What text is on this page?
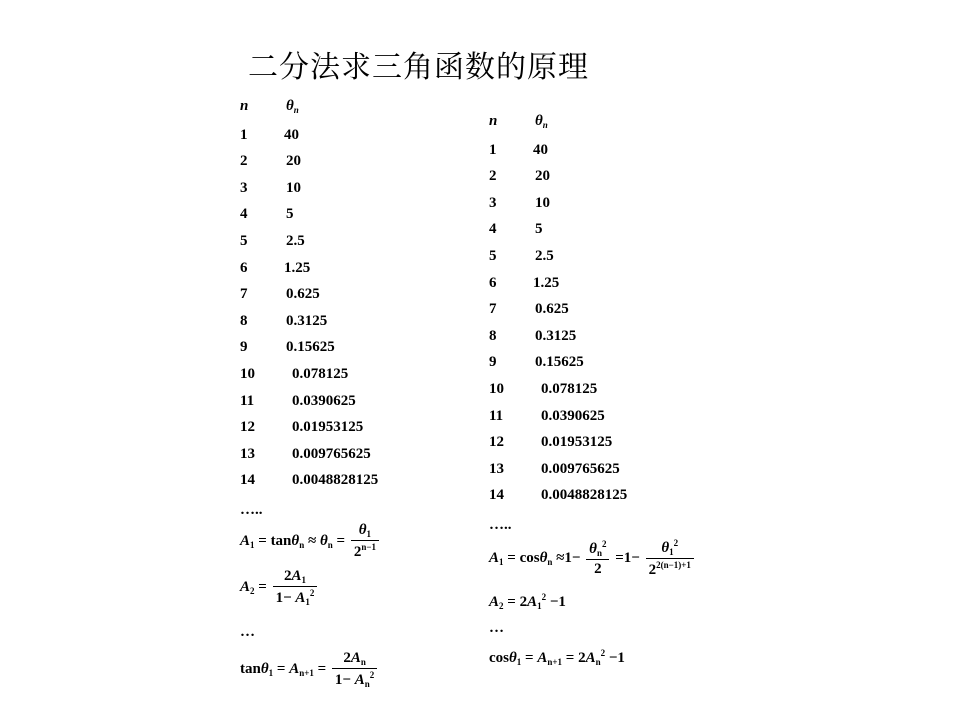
二分法求三角函数的原理
n	$\theta_n$
1 40
2	20
3	10
4	5
5	2.5
6 1.25
7	0.625
8	0.3125
9	0.15625
10 0.078125
11	0.0390625
12 0.01953125
13 0.009765625
14 0.0048828125
…..
n	$\theta_n$
1 40
2	20
3	10
4	5
5	2.5
6 1.25
7	0.625
8	0.3125
9	0.15625
10 0.078125
11	0.0390625
12 0.01953125
13 0.009765625
14 0.0048828125
…..
$A_1 = \tan\theta_n \approx \theta_n = \frac{\theta_1}{2^{n-1}}$
$A_2 = \frac{2A_1}{1- A_1^2}$
…
$\tan\theta_1 = A_{n+1} = \frac{2A_n}{1- A_n^2}$
$A_1 = \cos\theta_n \approx 1- \frac{\theta_n^2}{2} =1- \frac{\theta_1^2}{2^{2(n-1)+1}}$
$A_2 = 2A_1^2 -1$
…
$\cos\theta_1 = A_{n+1} = 2A_n^2 -1$
